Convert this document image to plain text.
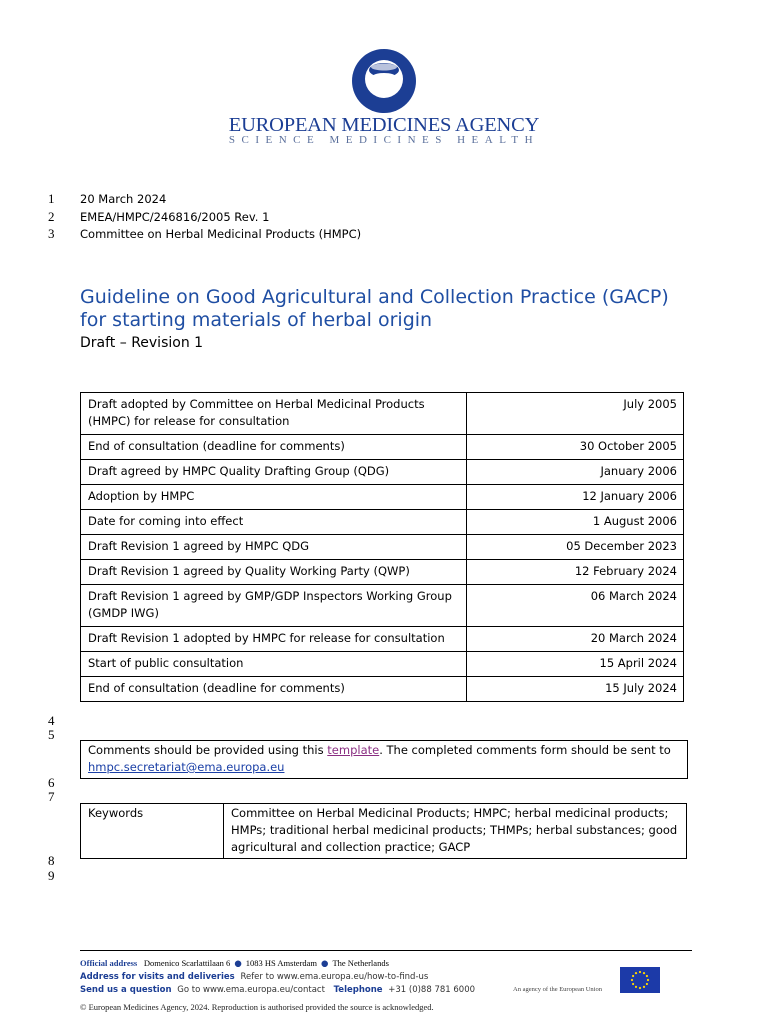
EUROPEAN MEDICINES AGENCY
SCIENCE MEDICINES HEALTH
1
2
3
4
5
6
7
8
9
20 March 2024
EMEA/HMPC/246816/2005 Rev. 1
Committee on Herbal Medicinal Products (HMPC)
Guideline on Good Agricultural and Collection Practice (GACP) for starting materials of herbal origin
Draft – Revision 1
Draft adopted by Committee on Herbal Medicinal Products (HMPC) for release for consultation	July 2005
End of consultation (deadline for comments)	30 October 2005
Draft agreed by HMPC Quality Drafting Group (QDG)	January 2006
Adoption by HMPC	12 January 2006
Date for coming into effect	1 August 2006
Draft Revision 1 agreed by HMPC QDG	05 December 2023
Draft Revision 1 agreed by Quality Working Party (QWP)	12 February 2024
Draft Revision 1 agreed by GMP/GDP Inspectors Working Group (GMDP IWG)	06 March 2024
Draft Revision 1 adopted by HMPC for release for consultation	20 March 2024
Start of public consultation	15 April 2024
End of consultation (deadline for comments)	15 July 2024
Comments should be provided using this template. The completed comments form should be sent to
hmpc.secretariat@ema.europa.eu
Keywords	Committee on Herbal Medicinal Products; HMPC; herbal medicinal products; HMPs; traditional herbal medicinal products; THMPs; herbal substances; good agricultural and collection practice; GACP
Official address Domenico Scarlattilaan 6 ● 1083 HS Amsterdam ● The Netherlands
Address for visits and deliveries Refer to www.ema.europa.eu/how-to-find-us
Send us a question Go to www.ema.europa.eu/contact Telephone +31 (0)88 781 6000	An agency of the European Union
© European Medicines Agency, 2024. Reproduction is authorised provided the source is acknowledged.
